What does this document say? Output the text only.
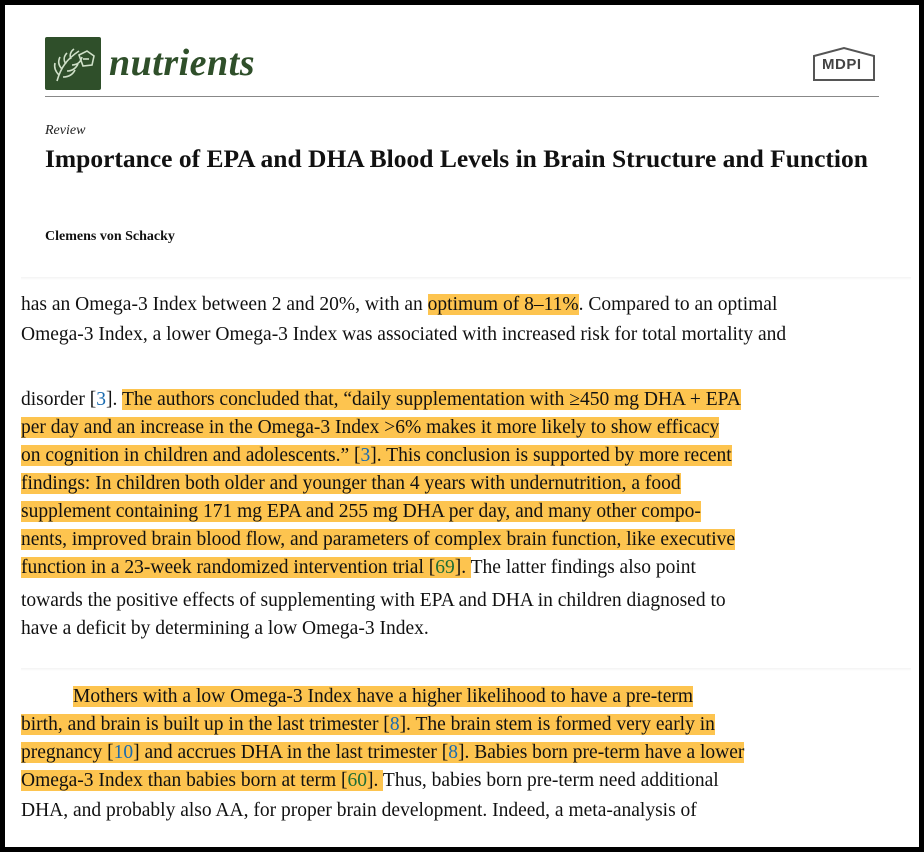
nutrients	MDPI
Review
Importance of EPA and DHA Blood Levels in Brain Structure and Function
Clemens von Schacky
has an Omega-3 Index between 2 and 20%, with an optimum of 8–11%. Compared to an optimal
Omega-3 Index, a lower Omega-3 Index was associated with increased risk for total mortality and
disorder [3]. The authors concluded that, “daily supplementation with ≥450 mg DHA + EPA
per day and an increase in the Omega-3 Index >6% makes it more likely to show efficacy
on cognition in children and adolescents.” [3]. This conclusion is supported by more recent
findings: In children both older and younger than 4 years with undernutrition, a food
supplement containing 171 mg EPA and 255 mg DHA per day, and many other compo-
nents, improved brain blood flow, and parameters of complex brain function, like executive
function in a 23-week randomized intervention trial [69]. The latter findings also point
towards the positive effects of supplementing with EPA and DHA in children diagnosed to
have a deficit by determining a low Omega-3 Index.
Mothers with a low Omega-3 Index have a higher likelihood to have a pre-term
birth, and brain is built up in the last trimester [8]. The brain stem is formed very early in
pregnancy [10] and accrues DHA in the last trimester [8]. Babies born pre-term have a lower
Omega-3 Index than babies born at term [60]. Thus, babies born pre-term need additional
DHA, and probably also AA, for proper brain development. Indeed, a meta-analysis of
